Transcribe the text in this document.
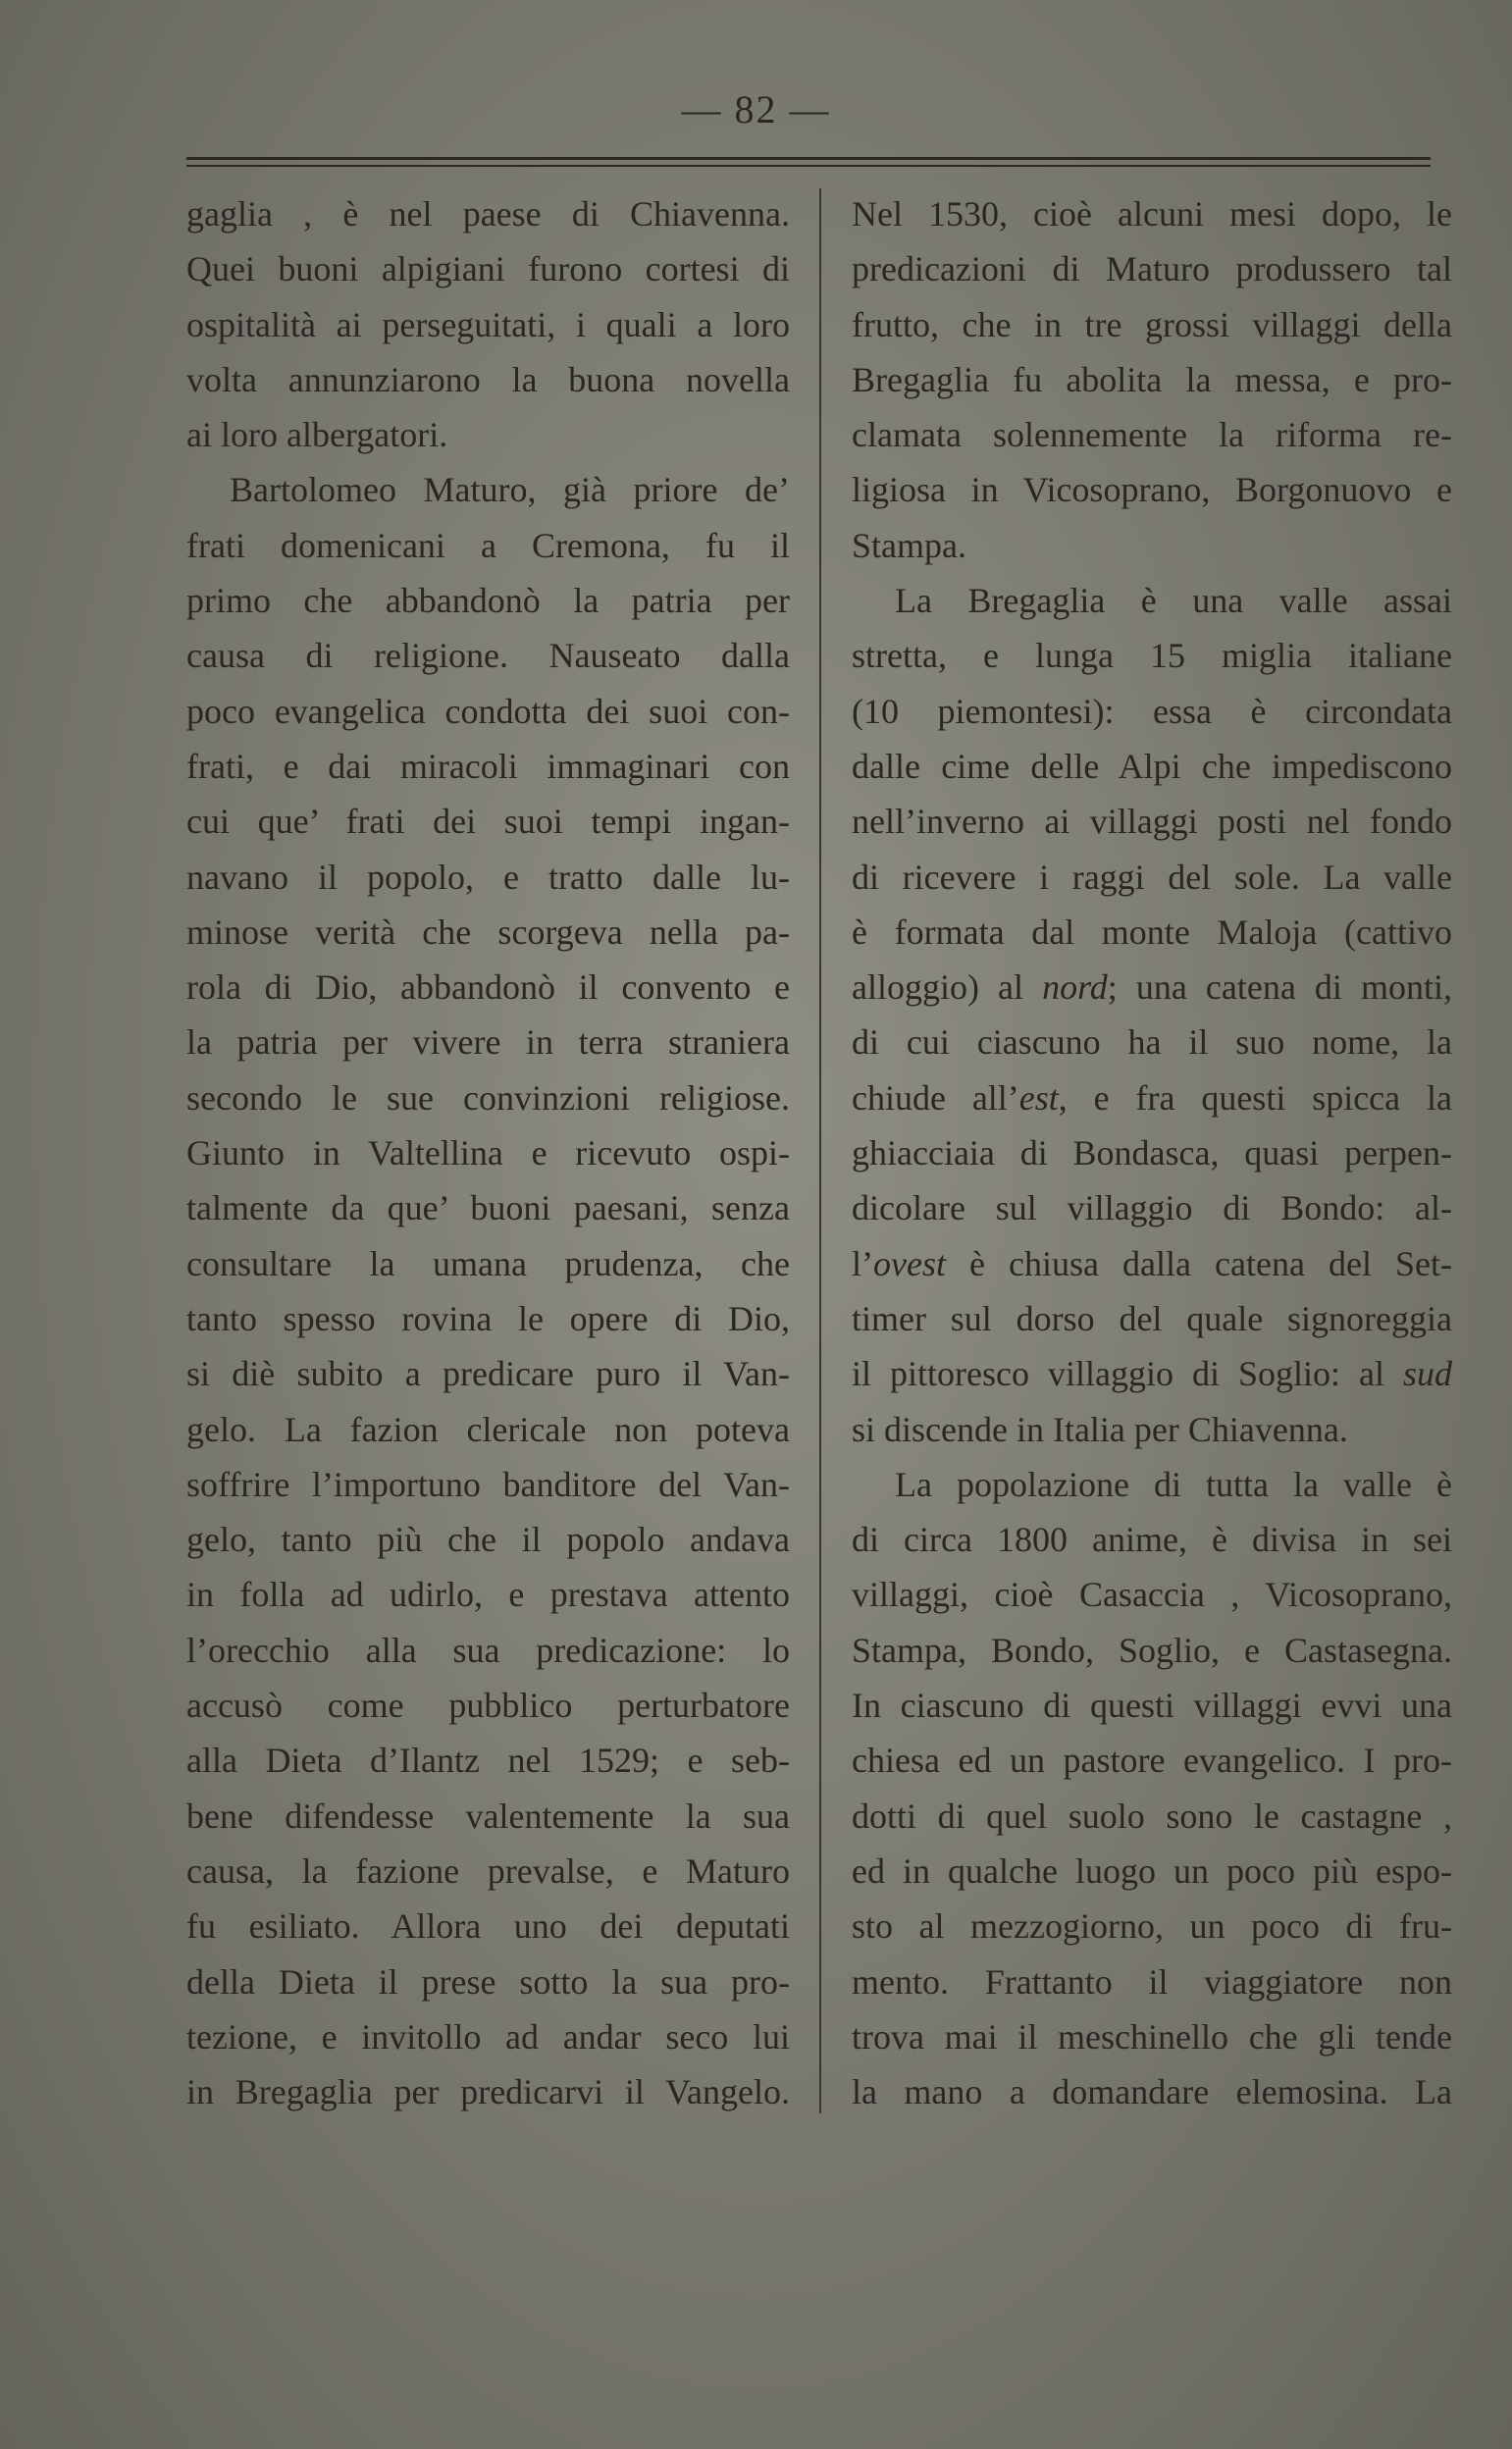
— 82 —
gaglia , è nel paese di Chiavenna.
Quei buoni alpigiani furono cortesi di
ospitalità ai perseguitati, i quali a loro
volta annunziarono la buona novella
ai loro albergatori.
Bartolomeo Maturo, già priore de’
frati domenicani a Cremona, fu il
primo che abbandonò la patria per
causa di religione. Nauseato dalla
poco evangelica condotta dei suoi con-
frati, e dai miracoli immaginari con
cui que’ frati dei suoi tempi ingan-
navano il popolo, e tratto dalle lu-
minose verità che scorgeva nella pa-
rola di Dio, abbandonò il convento e
la patria per vivere in terra straniera
secondo le sue convinzioni religiose.
Giunto in Valtellina e ricevuto ospi-
talmente da que’ buoni paesani, senza
consultare la umana prudenza, che
tanto spesso rovina le opere di Dio,
si diè subito a predicare puro il Van-
gelo. La fazion clericale non poteva
soffrire l’importuno banditore del Van-
gelo, tanto più che il popolo andava
in folla ad udirlo, e prestava attento
l’orecchio alla sua predicazione: lo
accusò come pubblico perturbatore
alla Dieta d’Ilantz nel 1529; e seb-
bene difendesse valentemente la sua
causa, la fazione prevalse, e Maturo
fu esiliato. Allora uno dei deputati
della Dieta il prese sotto la sua pro-
tezione, e invitollo ad andar seco lui
in Bregaglia per predicarvi il Vangelo.
Nel 1530, cioè alcuni mesi dopo, le
predicazioni di Maturo produssero tal
frutto, che in tre grossi villaggi della
Bregaglia fu abolita la messa, e pro-
clamata solennemente la riforma re-
ligiosa in Vicosoprano, Borgonuovo e
Stampa.
La Bregaglia è una valle assai
stretta, e lunga 15 miglia italiane
(10 piemontesi): essa è circondata
dalle cime delle Alpi che impediscono
nell’inverno ai villaggi posti nel fondo
di ricevere i raggi del sole. La valle
è formata dal monte Maloja (cattivo
alloggio) al nord; una catena di monti,
di cui ciascuno ha il suo nome, la
chiude all’est, e fra questi spicca la
ghiacciaia di Bondasca, quasi perpen-
dicolare sul villaggio di Bondo: al-
l’ovest è chiusa dalla catena del Set-
timer sul dorso del quale signoreggia
il pittoresco villaggio di Soglio: al sud
si discende in Italia per Chiavenna.
La popolazione di tutta la valle è
di circa 1800 anime, è divisa in sei
villaggi, cioè Casaccia , Vicosoprano,
Stampa, Bondo, Soglio, e Castasegna.
In ciascuno di questi villaggi evvi una
chiesa ed un pastore evangelico. I pro-
dotti di quel suolo sono le castagne ,
ed in qualche luogo un poco più espo-
sto al mezzogiorno, un poco di fru-
mento. Frattanto il viaggiatore non
trova mai il meschinello che gli tende
la mano a domandare elemosina. La
